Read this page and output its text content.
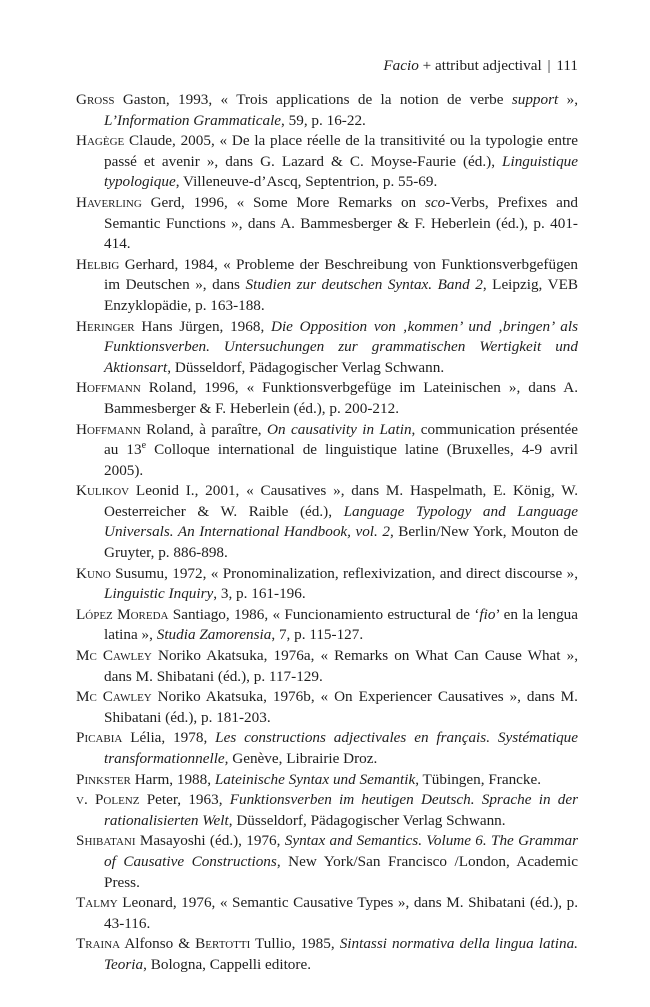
Facio + attribut adjectival | 111
Gross Gaston, 1993, « Trois applications de la notion de verbe support », L’Information Grammaticale, 59, p. 16-22.
Hagège Claude, 2005, « De la place réelle de la transitivité ou la typologie entre passé et avenir », dans G. Lazard & C. Moyse-Faurie (éd.), Linguistique typologique, Villeneuve-d’Ascq, Septentrion, p. 55-69.
Haverling Gerd, 1996, « Some More Remarks on sco-Verbs, Prefixes and Semantic Functions », dans A. Bammesberger & F. Heberlein (éd.), p. 401-414.
Helbig Gerhard, 1984, « Probleme der Beschreibung von Funktionsverbgefügen im Deutschen », dans Studien zur deutschen Syntax. Band 2, Leipzig, VEB Enzyklopädie, p. 163-188.
Heringer Hans Jürgen, 1968, Die Opposition von ‚kommen’ und ‚bringen’ als Funktionsverben. Untersuchungen zur grammatischen Wertigkeit und Aktionsart, Düsseldorf, Pädagogischer Verlag Schwann.
Hoffmann Roland, 1996, « Funktionsverbgefüge im Lateinischen », dans A. Bammesberger & F. Heberlein (éd.), p. 200-212.
Hoffmann Roland, à paraître, On causativity in Latin, communication présentée au 13e Colloque international de linguistique latine (Bruxelles, 4-9 avril 2005).
Kulikov Leonid I., 2001, « Causatives », dans M. Haspelmath, E. König, W. Oesterreicher & W. Raible (éd.), Language Typology and Language Universals. An International Handbook, vol. 2, Berlin/New York, Mouton de Gruyter, p. 886-898.
Kuno Susumu, 1972, « Pronominalization, reflexivization, and direct discourse », Linguistic Inquiry, 3, p. 161-196.
López Moreda Santiago, 1986, « Funcionamiento estructural de ‘fio’ en la lengua latina », Studia Zamorensia, 7, p. 115-127.
Mc Cawley Noriko Akatsuka, 1976a, « Remarks on What Can Cause What », dans M. Shibatani (éd.), p. 117-129.
Mc Cawley Noriko Akatsuka, 1976b, « On Experiencer Causatives », dans M. Shibatani (éd.), p. 181-203.
Picabia Lélia, 1978, Les constructions adjectivales en français. Systématique transformationnelle, Genève, Librairie Droz.
Pinkster Harm, 1988, Lateinische Syntax und Semantik, Tübingen, Francke.
v. Polenz Peter, 1963, Funktionsverben im heutigen Deutsch. Sprache in der rationalisierten Welt, Düsseldorf, Pädagogischer Verlag Schwann.
Shibatani Masayoshi (éd.), 1976, Syntax and Semantics. Volume 6. The Grammar of Causative Constructions, New York/San Francisco /London, Academic Press.
Talmy Leonard, 1976, « Semantic Causative Types », dans M. Shibatani (éd.), p. 43-116.
Traina Alfonso & Bertotti Tullio, 1985, Sintassi normativa della lingua latina. Teoria, Bologna, Cappelli editore.
